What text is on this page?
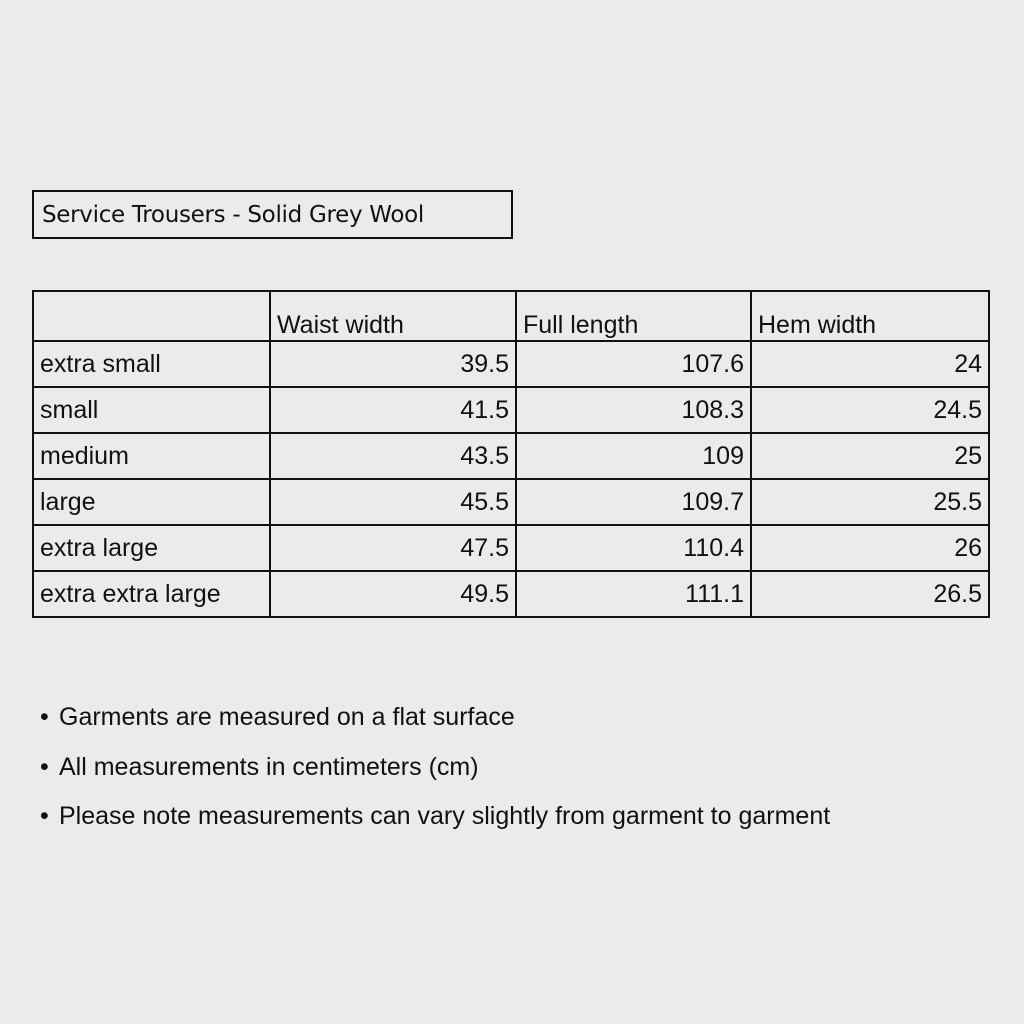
Service Trousers - Solid Grey Wool
	Waist width	Full length	Hem width
extra small	39.5	107.6	24
small	41.5	108.3	24.5
medium	43.5	109	25
large	45.5	109.7	25.5
extra large	47.5	110.4	26
extra extra large	49.5	111.1	26.5
• Garments are measured on a flat surface
• All measurements in centimeters (cm)
• Please note measurements can vary slightly from garment to garment
